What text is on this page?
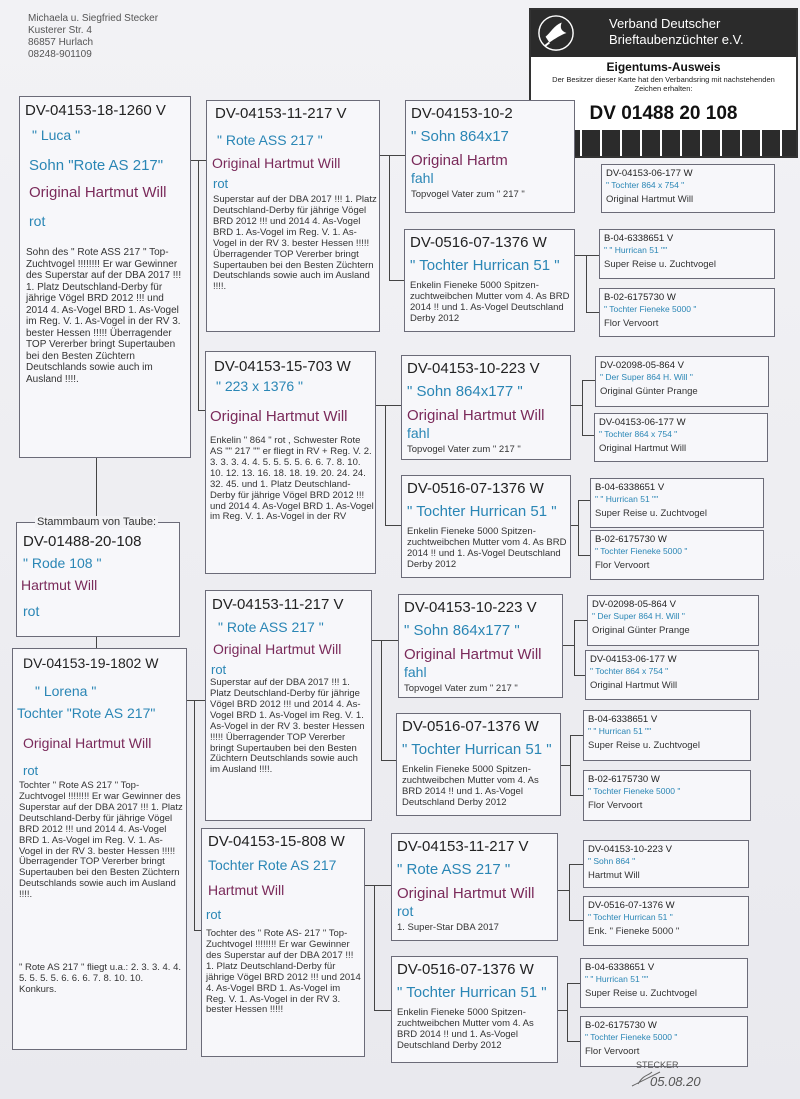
Michaela u. Siegfried Stecker
Kusterer Str. 4
86857 Hurlach
08248-901109
Verband Deutscher
Brieftaubenzüchter e.V.
Eigentums-Ausweis
Der Besitzer dieser Karte hat den Verbandsring mit nachstehenden Zeichen erhalten:
DV 01488 20 108
DV-01488-20-108
" Rode 108 "
Hartmut Will
rot
Stammbaum von Taube:
DV-04153-18-1260 V
" Luca "
Sohn "Rote AS 217"
Original Hartmut Will
rot
Sohn des " Rote ASS 217 " Top-Zuchtvogel !!!!!!!! Er war Gewinner des Superstar auf der DBA 2017 !!! 1. Platz Deutschland-Derby für jährige Vögel BRD 2012 !!! und 2014 4. As-Vogel BRD 1. As-Vogel im Reg. V. 1. As-Vogel in der RV 3. bester Hessen !!!!! Überragender TOP Vererber bringt Supertauben bei den Besten Züchtern Deutschlands sowie auch im Ausland !!!!.
DV-04153-19-1802 W
" Lorena "
Tochter "Rote AS 217"
Original Hartmut Will
rot
Tochter " Rote AS 217 " Top-Zuchtvogel !!!!!!!! Er war Gewinner des Superstar auf der DBA 2017 !!! 1. Platz Deutschland-Derby für jährige Vögel BRD 2012 !!! und 2014 4. As-Vogel BRD 1. As-Vogel im Reg. V. 1. As-Vogel in der RV 3. bester Hessen !!!!! Überragender TOP Vererber bringt Supertauben bei den Besten Züchtern Deutschlands sowie auch im Ausland !!!!.
" Rote AS 217 " fliegt u.a.: 2. 3. 3. 4. 4. 5. 5. 5. 5. 6. 6. 6. 7. 8. 10. 10. Konkurs.
DV-04153-11-217 V
" Rote ASS 217 "
Original Hartmut Will
rot
Superstar auf der DBA 2017 !!! 1. Platz Deutschland-Derby für jährige Vögel BRD 2012 !!! und 2014 4. As-Vogel BRD 1. As-Vogel im Reg. V. 1. As-Vogel in der RV 3. bester Hessen !!!!! Überragender TOP Vererber bringt Supertauben bei den Besten Züchtern Deutschlands sowie auch im Ausland !!!!.
DV-04153-15-703 W
" 223 x 1376 "
Original Hartmut Will
Enkelin " 864 " rot , Schwester Rote AS "" 217 "" er fliegt in RV + Reg. V. 2. 3. 3. 3. 4. 4. 5. 5. 5. 5. 6. 6. 7. 8. 10. 10. 12. 13. 16. 18. 18. 19. 20. 24. 24. 32. 45. und 1. Platz Deutschland-Derby für jährige Vögel BRD 2012 !!! und 2014 4. As-Vogel BRD 1. As-Vogel im Reg. V. 1. As-Vogel in der RV
DV-04153-11-217 V
" Rote ASS 217 "
Original Hartmut Will
rot
Superstar auf der DBA 2017 !!! 1. Platz Deutschland-Derby für jährige Vögel BRD 2012 !!! und 2014 4. As-Vogel BRD 1. As-Vogel im Reg. V. 1. As-Vogel in der RV 3. bester Hessen !!!!! Überragender TOP Vererber bringt Supertauben bei den Besten Züchtern Deutschlands sowie auch im Ausland !!!!.
DV-04153-15-808 W
Tochter Rote AS 217
Hartmut Will
rot
Tochter des " Rote AS- 217 " Top-Zuchtvogel !!!!!!!! Er war Gewinner des Superstar auf der DBA 2017 !!! 1. Platz Deutschland-Derby für jährige Vögel BRD 2012 !!! und 2014 4. As-Vogel BRD 1. As-Vogel im Reg. V. 1. As-Vogel in der RV 3. bester Hessen !!!!!
DV-04153-10-2
" Sohn 864x17
Original Hartm
fahl
Topvogel Vater zum " 217 "
DV-0516-07-1376 W
" Tochter Hurrican 51 "
Enkelin Fieneke 5000 Spitzen-zuchtweibchen Mutter vom 4. As BRD 2014 !! und 1. As-Vogel Deutschland Derby 2012
DV-04153-10-223 V
" Sohn 864x177 "
Original Hartmut Will
fahl
Topvogel Vater zum " 217 "
DV-0516-07-1376 W
" Tochter Hurrican 51 "
Enkelin Fieneke 5000 Spitzen-zuchtweibchen Mutter vom 4. As BRD 2014 !! und 1. As-Vogel Deutschland Derby 2012
DV-04153-10-223 V
" Sohn 864x177 "
Original Hartmut Will
fahl
Topvogel Vater zum " 217 "
DV-0516-07-1376 W
" Tochter Hurrican 51 "
Enkelin Fieneke 5000 Spitzen-zuchtweibchen Mutter vom 4. As BRD 2014 !! und 1. As-Vogel Deutschland Derby 2012
DV-04153-11-217 V
" Rote ASS 217 "
Original Hartmut Will
rot
1. Super-Star DBA 2017
DV-0516-07-1376 W
" Tochter Hurrican 51 "
Enkelin Fieneke 5000 Spitzen-zuchtweibchen Mutter vom 4. As BRD 2014 !! und 1. As-Vogel Deutschland Derby 2012
DV-04153-06-177 W
" Tochter 864 x 754 "
Original Hartmut Will
B-04-6338651 V
" " Hurrican 51 ""
Super Reise u. Zuchtvogel
B-02-6175730 W
" Tochter Fieneke 5000 "
Flor Vervoort
DV-02098-05-864 V
" Der Super 864 H. Will "
Original Günter Prange
DV-04153-06-177 W
" Tochter 864 x 754 "
Original Hartmut Will
B-04-6338651 V
" " Hurrican 51 ""
Super Reise u. Zuchtvogel
B-02-6175730 W
" Tochter Fieneke 5000 "
Flor Vervoort
DV-02098-05-864 V
" Der Super 864 H. Will "
Original Günter Prange
DV-04153-06-177 W
" Tochter 864 x 754 "
Original Hartmut Will
B-04-6338651 V
" " Hurrican 51 ""
Super Reise u. Zuchtvogel
B-02-6175730 W
" Tochter Fieneke 5000 "
Flor Vervoort
DV-04153-10-223 V
" Sohn 864 "
Hartmut Will
DV-0516-07-1376 W
" Tochter Hurrican 51 "
Enk. " Fieneke 5000 "
B-04-6338651 V
" " Hurrican 51 ""
Super Reise u. Zuchtvogel
B-02-6175730 W
" Tochter Fieneke 5000 "
Flor Vervoort
STECKER
05.08.20
